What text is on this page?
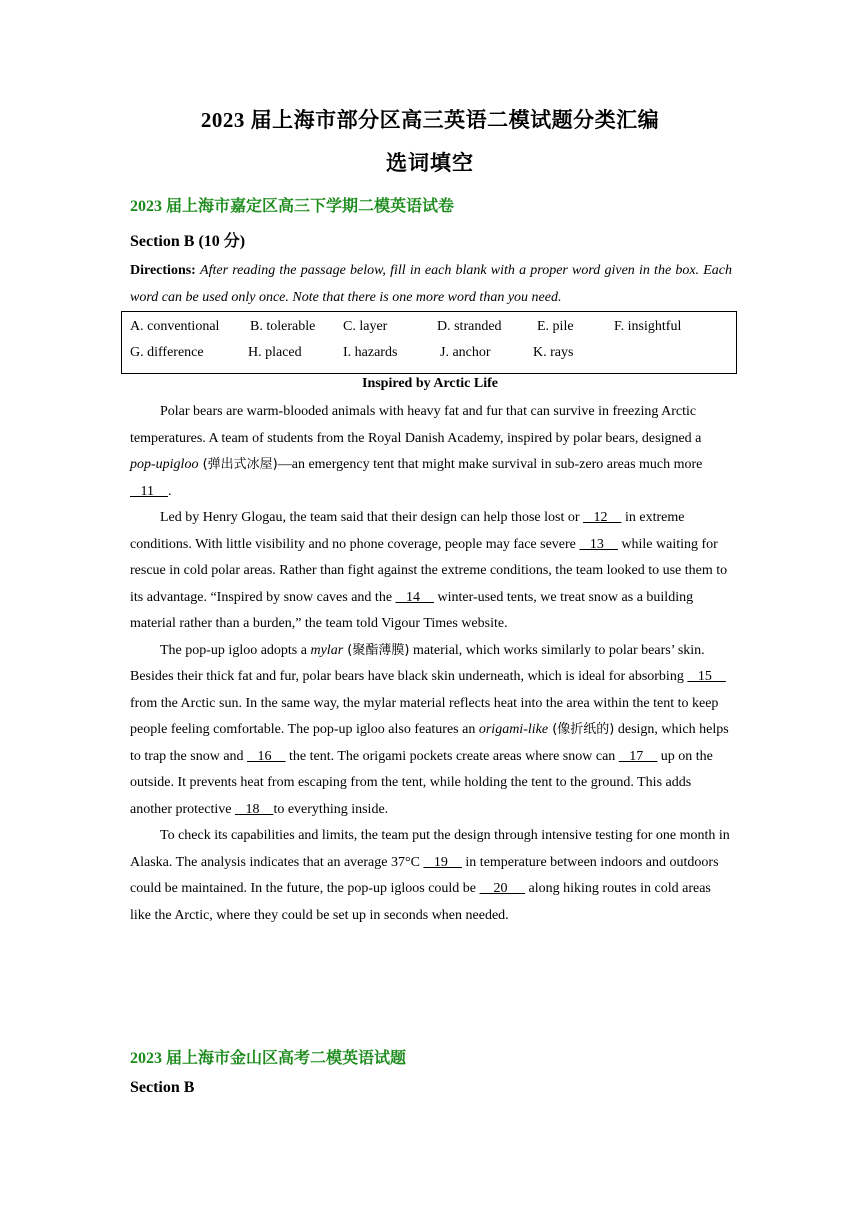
2023 届上海市部分区高三英语二模试题分类汇编
选词填空
2023 届上海市嘉定区高三下学期二模英语试卷
Section B (10 分)
Directions: After reading the passage below, fill in each blank with a proper word given in the box. Each word can be used only once. Note that there is one more word than you need.
A. conventional B. tolerable C. layer	D. stranded	E. pile	F. insightful
G. difference	H. placed	I. hazards	J. anchor	K. rays
Inspired by Arctic Life

Polar bears are warm-blooded animals with heavy fat and fur that can survive in freezing Arctic temperatures. A team of students from the Royal Danish Academy, inspired by polar bears, designed a pop-upigloo (弹出式冰屋)—an emergency tent that might make survival in sub-zero areas much more    11    .

Led by Henry Glogau, the team said that their design can help those lost or    12     in extreme conditions. With little visibility and no phone coverage, people may face severe    13     while waiting for rescue in cold polar areas. Rather than fight against the extreme conditions, the team looked to use them to its advantage. “Inspired by snow caves and the    14     winter-used tents, we treat snow as a building material rather than a burden,” the team told Vigour Times website.

The pop-up igloo adopts a mylar (聚酯薄膜) material, which works similarly to polar bears’ skin. Besides their thick fat and fur, polar bears have black skin underneath, which is ideal for absorbing    15     from the Arctic sun. In the same way, the mylar material reflects heat into the area within the tent to keep people feeling comfortable. The pop-up igloo also features an origami-like (像折纸的) design, which helps to trap the snow and    16     the tent. The origami pockets create areas where snow can    17     up on the outside. It prevents heat from escaping from the tent, while holding the tent to the ground. This adds another protective    18    to everything inside.

To check its capabilities and limits, the team put the design through intensive testing for one month in Alaska. The analysis indicates that an average 37°C    19     in temperature between indoors and outdoors could be maintained. In the future, the pop-up igloos could be     20      along hiking routes in cold areas like the Arctic, where they could be set up in seconds when needed.

2023 届上海市金山区高考二模英语试题
Section B
